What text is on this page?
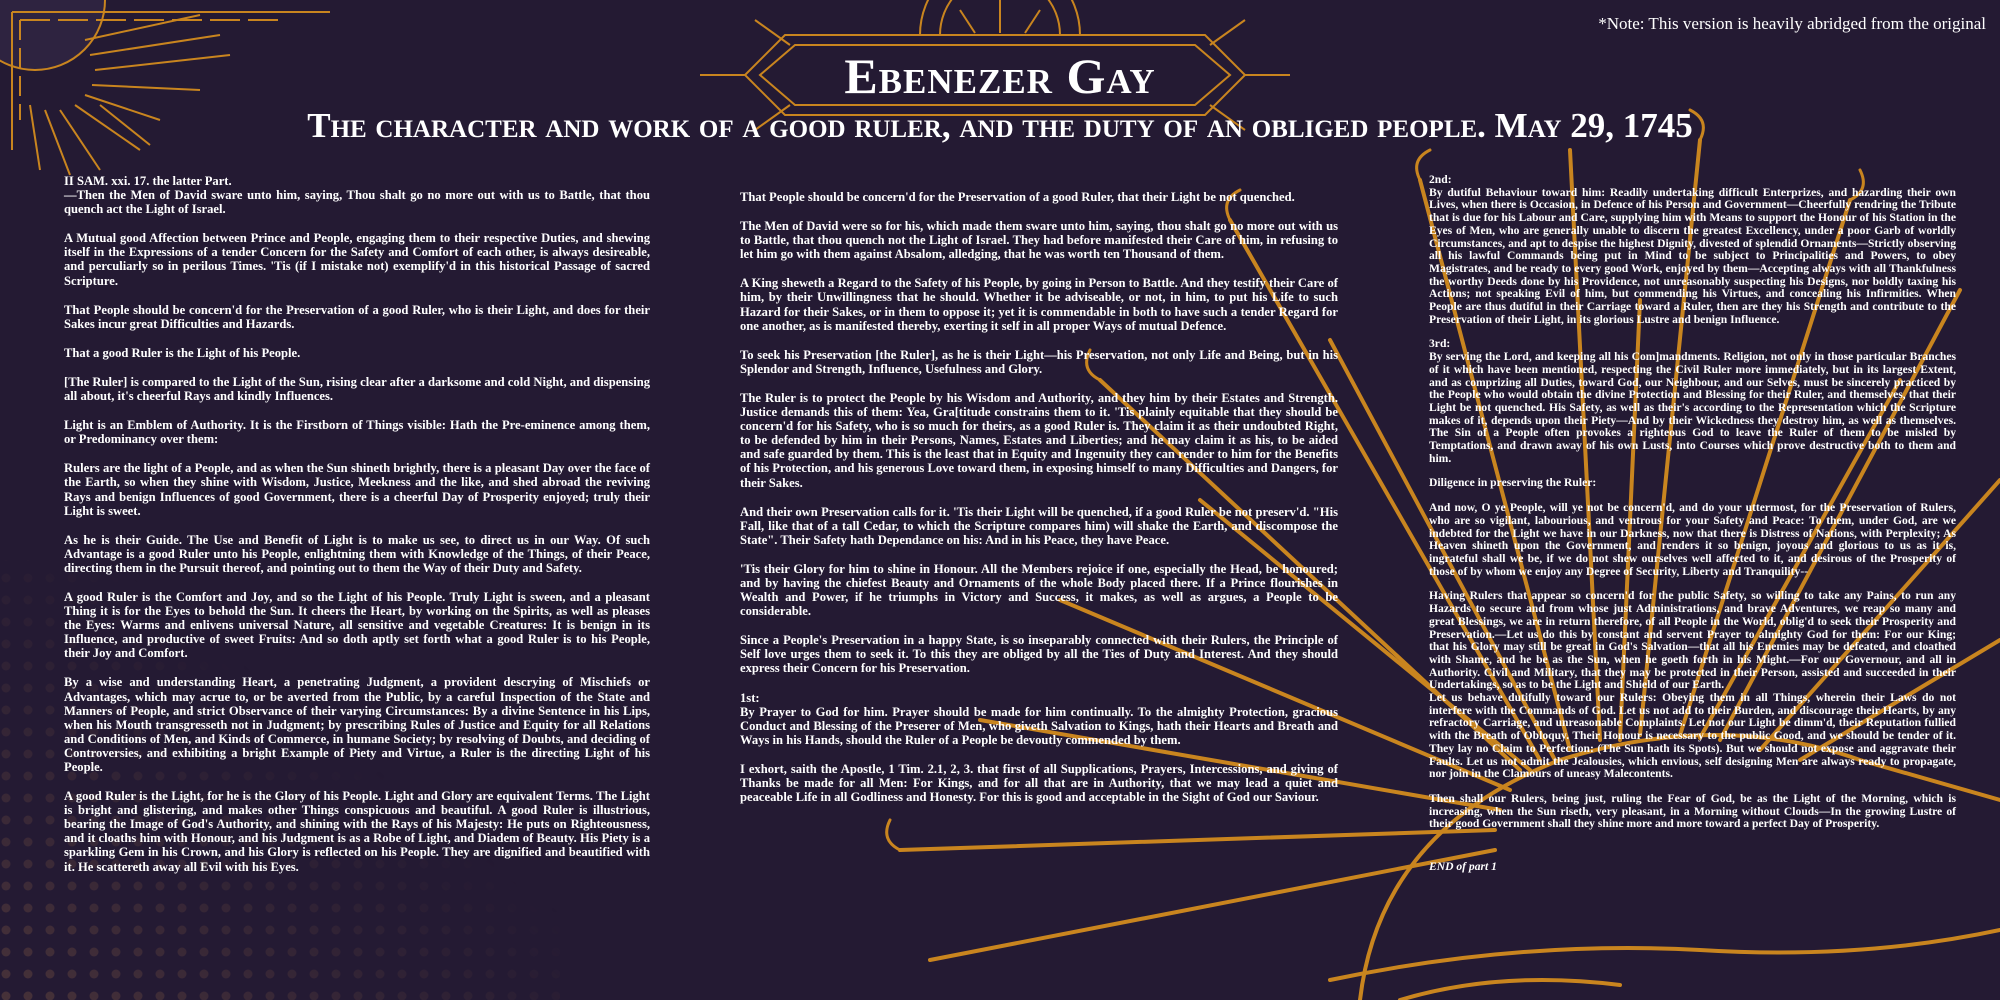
*Note: This version is heavily abridged from the original
Ebenezer Gay
The character and work of a good ruler, and the duty of an obliged people. May 29, 1745

II SAM. xxi. 17. the latter Part.
—Then the Men of David sware unto him, saying, Thou shalt go no more out with us to Battle, that thou quench act the Light of Israel.

A Mutual good Affection between Prince and People, engaging them to their respective Duties, and shewing itself in the Expressions of a tender Concern for the Safety and Comfort of each other, is always desireable, and perculiarly so in perilous Times. 'Tis (if I mistake not) exemplify'd in this historical Passage of sacred Scripture.

That People should be concern'd for the Preservation of a good Ruler, who is their Light, and does for their Sakes incur great Difficulties and Hazards.

That a good Ruler is the Light of his People.

[The Ruler] is compared to the Light of the Sun, rising clear after a darksome and cold Night, and dispensing all about, it's cheerful Rays and kindly Influences.

Light is an Emblem of Authority. It is the Firstborn of Things visible: Hath the Pre-eminence among them, or Predominancy over them:

Rulers are the light of a People, and as when the Sun shineth brightly, there is a pleasant Day over the face of the Earth, so when they shine with Wisdom, Justice, Meekness and the like, and shed abroad the reviving Rays and benign Influences of good Government, there is a cheerful Day of Prosperity enjoyed; truly their Light is sweet.

As he is their Guide. The Use and Benefit of Light is to make us see, to direct us in our Way. Of such Advantage is a good Ruler unto his People, enlightning them with Knowledge of the Things, of their Peace, directing them in the Pursuit thereof, and pointing out to them the Way of their Duty and Safety.

A good Ruler is the Comfort and Joy, and so the Light of his People. Truly Light is sween, and a pleasant Thing it is for the Eyes to behold the Sun. It cheers the Heart, by working on the Spirits, as well as pleases the Eyes: Warms and enlivens universal Nature, all sensitive and vegetable Creatures: It is benign in its Influence, and productive of sweet Fruits: And so doth aptly set forth what a good Ruler is to his People, their Joy and Comfort.

By a wise and understanding Heart, a penetrating Judgment, a provident descrying of Mischiefs or Advantages, which may acrue to, or be averted from the Public, by a careful Inspection of the State and Manners of People, and strict Observance of their varying Circumstances: By a divine Sentence in his Lips, when his Mouth transgresseth not in Judgment; by prescribing Rules of Justice and Equity for all Relations and Conditions of Men, and Kinds of Commerce, in humane Society; by resolving of Doubts, and deciding of Controversies, and exhibiting a bright Example of Piety and Virtue, a Ruler is the directing Light of his People.

A good Ruler is the Light, for he is the Glory of his People. Light and Glory are equivalent Terms. The Light is bright and glistering, and makes other Things conspicuous and beautiful. A good Ruler is illustrious, bearing the Image of God's Authority, and shining with the Rays of his Majesty: He puts on Righteousness, and it cloaths him with Honour, and his Judgment is as a Robe of Light, and Diadem of Beauty. His Piety is a sparkling Gem in his Crown, and his Glory is reflected on his People. They are dignified and beautified with it. He scattereth away all Evil with his Eyes.

That People should be concern'd for the Preservation of a good Ruler, that their Light be not quenched.

The Men of David were so for his, which made them sware unto him, saying, thou shalt go no more out with us to Battle, that thou quench not the Light of Israel. They had before manifested their Care of him, in refusing to let him go with them against Absalom, alledging, that he was worth ten Thousand of them.

A King sheweth a Regard to the Safety of his People, by going in Person to Battle. And they testify their Care of him, by their Unwillingness that he should. Whether it be adviseable, or not, in him, to put his Life to such Hazard for their Sakes, or in them to oppose it; yet it is commendable in both to have such a tender Regard for one another, as is manifested thereby, exerting it self in all proper Ways of mutual Defence.

To seek his Preservation [the Ruler], as he is their Light—his Preservation, not only Life and Being, but in his Splendor and Strength, Influence, Usefulness and Glory.

The Ruler is to protect the People by his Wisdom and Authority, and they him by their Estates and Strength. Justice demands this of them: Yea, Gra[titude constrains them to it. 'Tis plainly equitable that they should be concern'd for his Safety, who is so much for theirs, as a good Ruler is. They claim it as their undoubted Right, to be defended by him in their Persons, Names, Estates and Liberties; and he may claim it as his, to be aided and safe guarded by them. This is the least that in Equity and Ingenuity they can render to him for the Benefits of his Protection, and his generous Love toward them, in exposing himself to many Difficulties and Dangers, for their Sakes.

And their own Preservation calls for it. 'Tis their Light will be quenched, if a good Ruler be not preserv'd. "His Fall, like that of a tall Cedar, to which the Scripture compares him) will shake the Earth, and discompose the State". Their Safety hath Dependance on his: And in his Peace, they have Peace.

'Tis their Glory for him to shine in Honour. All the Members rejoice if one, especially the Head, be honoured; and by having the chiefest Beauty and Ornaments of the whole Body placed there. If a Prince flourishes in Wealth and Power, if he triumphs in Victory and Success, it makes, as well as argues, a People to be considerable.

Since a People's Preservation in a happy State, is so inseparably connected with their Rulers, the Principle of Self love urges them to seek it. To this they are obliged by all the Ties of Duty and Interest. And they should express their Concern for his Preservation.

1st:
By Prayer to God for him. Prayer should be made for him continually. To the almighty Protection, gracious Conduct and Blessing of the Preserer of Men, who giveth Salvation to Kings, hath their Hearts and Breath and Ways in his Hands, should the Ruler of a People be devoutly commended by them.

I exhort, saith the Apostle, 1 Tim. 2.1, 2, 3. that first of all Supplications, Prayers, Intercessions, and giving of Thanks be made for all Men: For Kings, and for all that are in Authority, that we may lead a quiet and peaceable Life in all Godliness and Honesty. For this is good and acceptable in the Sight of God our Saviour.

2nd:
By dutiful Behaviour toward him: Readily undertaking difficult Enterprizes, and hazarding their own Lives, when there is Occasion, in Defence of his Person and Government—Cheerfully rendring the Tribute that is due for his Labour and Care, supplying him with Means to support the Honour of his Station in the Eyes of Men, who are generally unable to discern the greatest Excellency, under a poor Garb of worldly Circumstances, and apt to despise the highest Dignity, divested of splendid Ornaments—Strictly observing all his lawful Commands being put in Mind to be subject to Principalities and Powers, to obey Magistrates, and be ready to every good Work, enjoyed by them—Accepting always with all Thankfulness the worthy Deeds done by his Providence, not unreasonably suspecting his Designs, nor boldly taxing his Actions; not speaking Evil of him, but commending his Virtues, and concealing his Infirmities. When People are thus dutiful in their Carriage toward a Ruler, then are they his Strength and contribute to the Preservation of their Light, in its glorious Lustre and benign Influence.

3rd:
By serving the Lord, and keeping all his Com]mandments. Religion, not only in those particular Branches of it which have been mentioned, respecting the Civil Ruler more immediately, but in its largest Extent, and as comprizing all Duties, toward God, our Neighbour, and our Selves, must be sincerely practiced by the People who would obtain the divine Protection and Blessing for their Ruler, and themselves, that their Light be not quenched. His Safety, as well as their's according to the Representation which the Scripture makes of it, depends upon their Piety—And by their Wickedness they destroy him, as well as themselves. The Sin of a People often provokes a righteous God to leave the Ruler of them to be misled by Temptations, and drawn away of his own Lusts, into Courses which prove destructive both to them and him.

Diligence in preserving the Ruler:

And now, O ye People, will ye not be concern'd, and do your uttermost, for the Preservation of Rulers, who are so vigilant, labourious, and ventrous for your Safety and Peace: To them, under God, are we indebted for the Light we have in our Darkness, now that there is Distress of Nations, with Perplexity; As Heaven shineth upon the Government, and renders it so benign, joyous and glorious to us as it is, ingrateful shall we be, if we do not shew ourselves well affected to it, and desirous of the Prosperity of those of by whom we enjoy any Degree of Security, Liberty and Tranquility--

Having Rulers that appear so concern'd for the public Safety, so willing to take any Pains, to run any Hazards to secure and from whose just Administrations, and brave Adventures, we reap so many and great Blessings, we are in return therefore, of all People in the World, oblig'd to seek their Prosperity and Preservation.—Let us do this by constant and servent Prayer to almighty God for them: For our King; that his Glory may still be great in God's Salvation—that all his Enemies may be defeated, and cloathed with Shame, and he be as the Sun, when he goeth forth in his Might.—For our Governour, and all in Authority. Civil and Military, that they may be protected in their Person, assisted and succeeded in their Undertakings, so as to be the Light and Shield of our Earth.
Let us behave dutifully toward our Rulers: Obeying them in all Things, wherein their Laws do not interfere with the Commands of God. Let us not add to their Burden, and discourage their Hearts, by any refractory Carriage, and unreasonable Complaints. Let not our Light be dimm'd, their Reputation fullied with the Breath of Obloquy. Their Honour is necessary to the public Good, and we should be tender of it. They lay no Claim to Perfection: (The Sun hath its Spots). But we should not expose and aggravate their Faults. Let us not admit the Jealousies, which envious, self designing Men are always ready to propagate, nor join in the Clamours of uneasy Malecontents.

Then shall our Rulers, being just, ruling the Fear of God, be as the Light of the Morning, which is increasing, when the Sun riseth, very pleasant, in a Morning without Clouds—In the growing Lustre of their good Government shall they shine more and more toward a perfect Day of Prosperity.

END of part 1
